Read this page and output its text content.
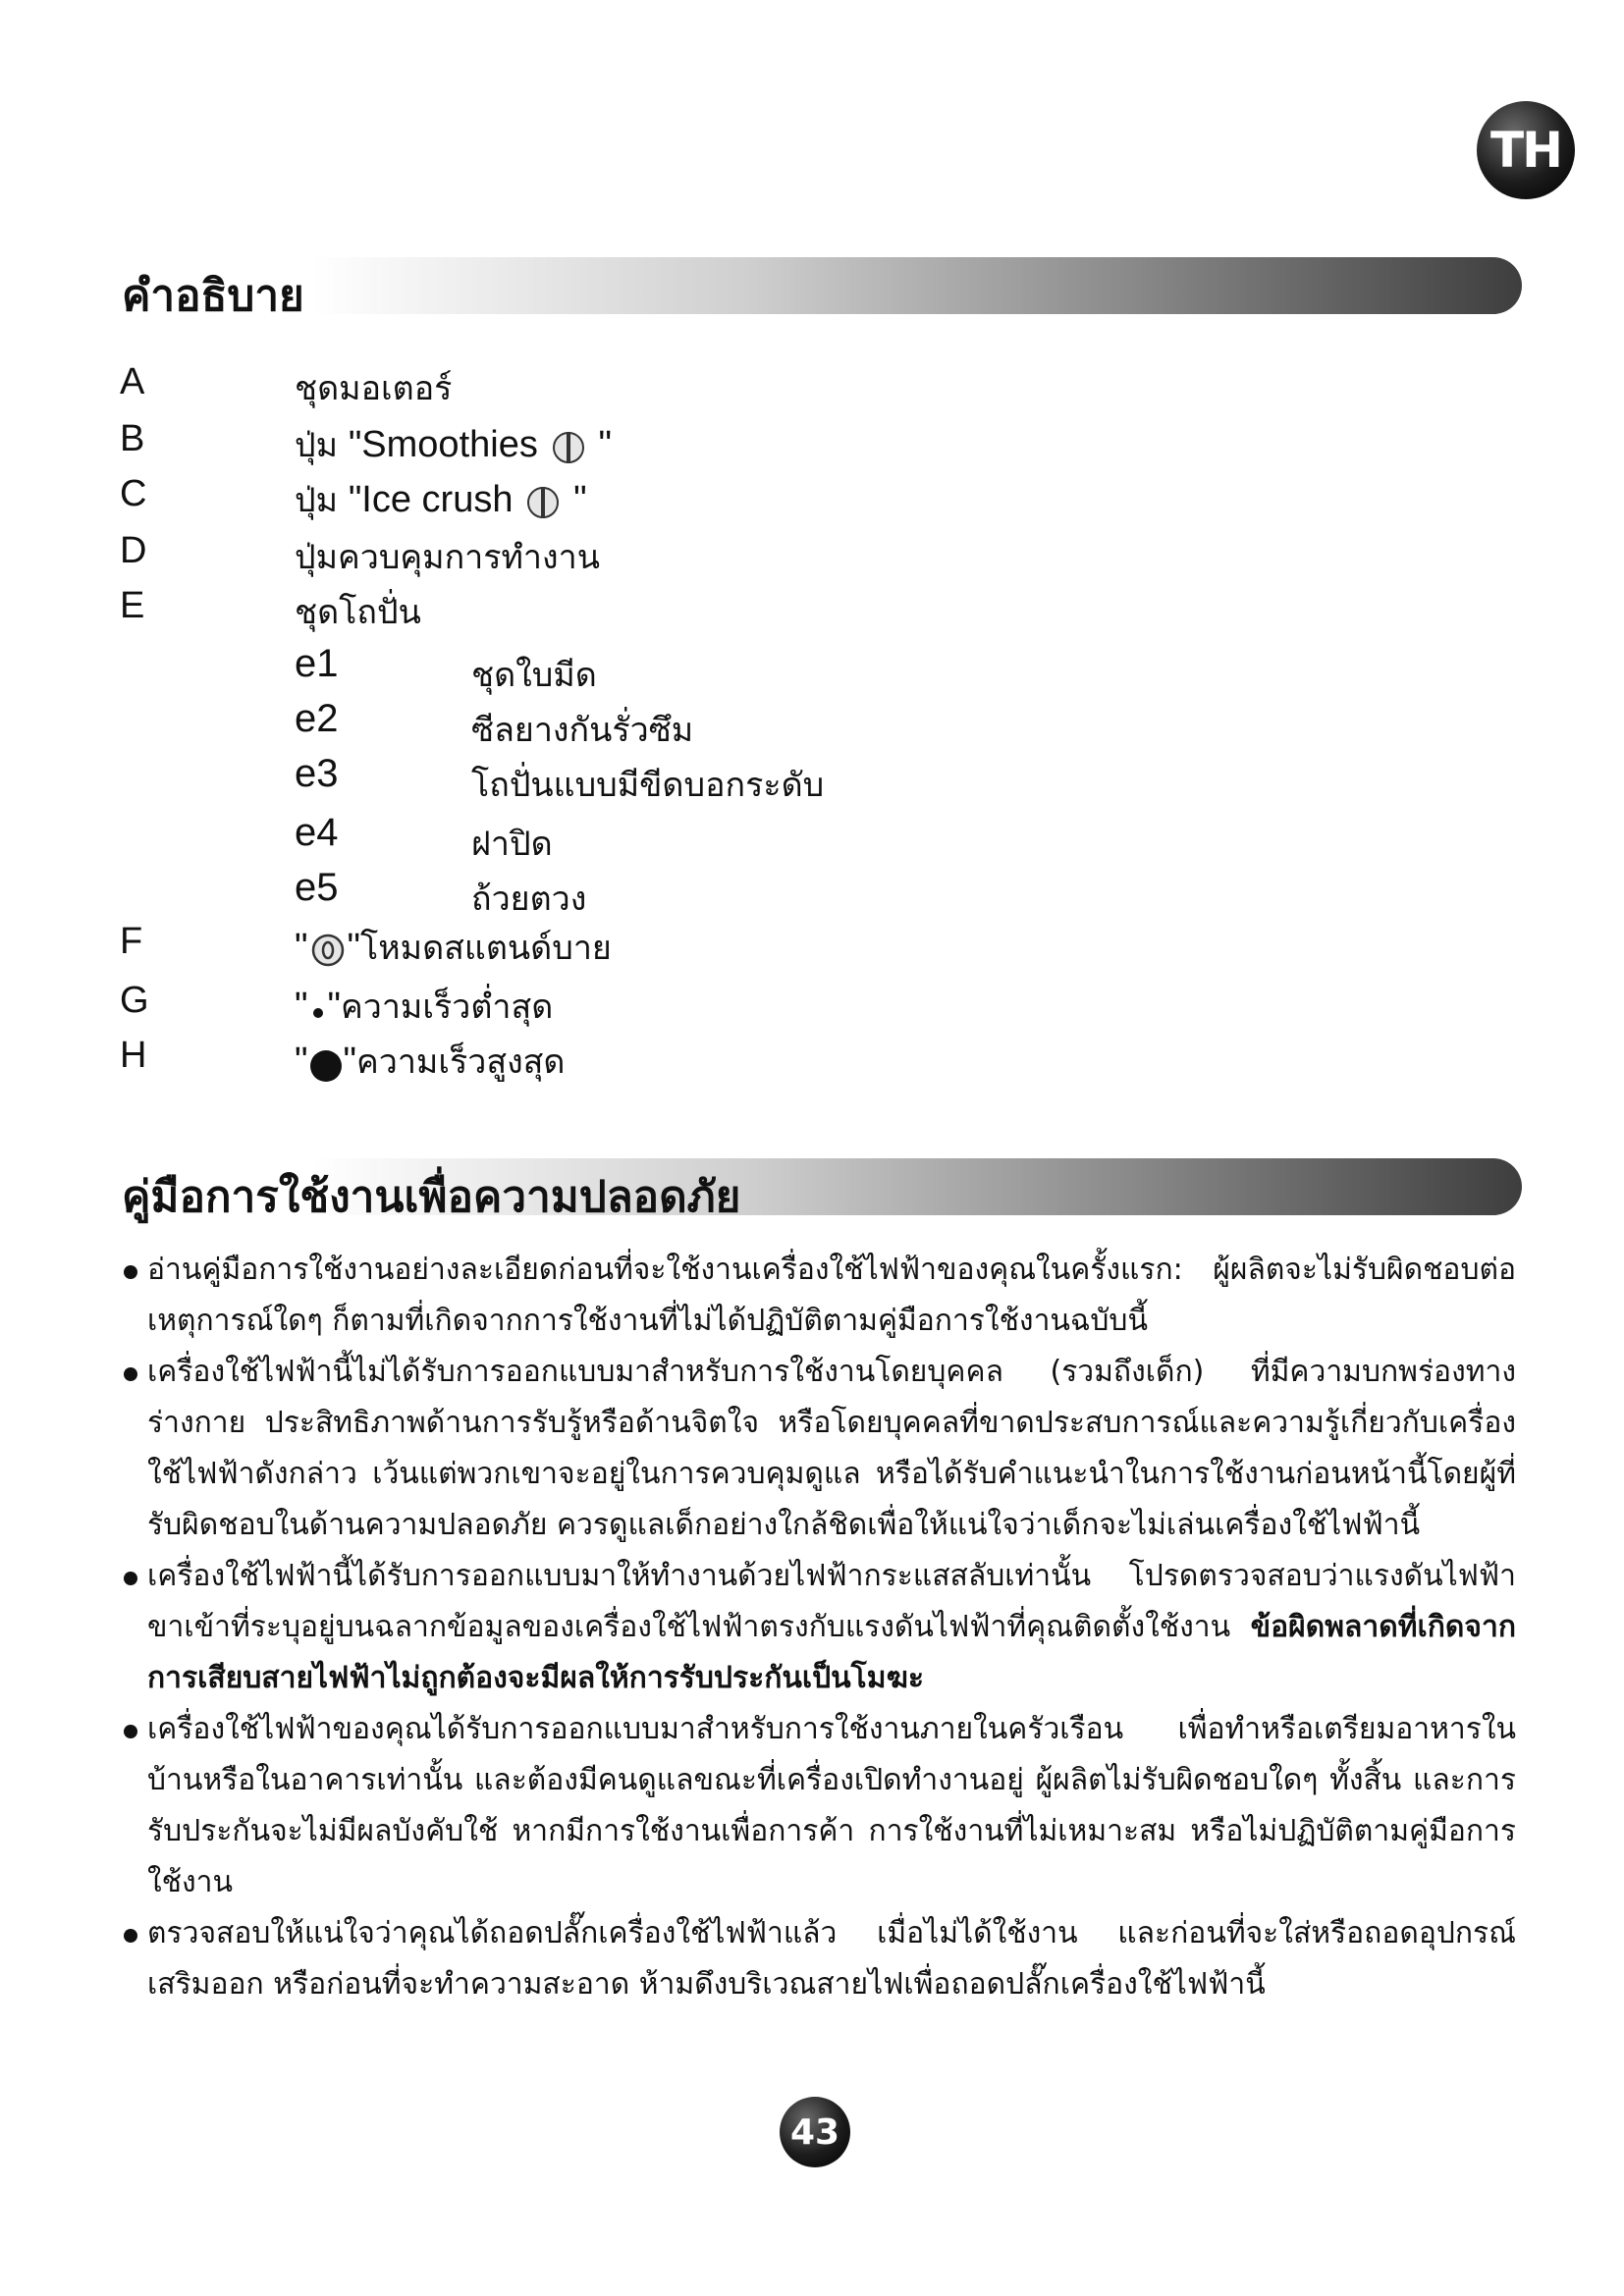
TH
คำอธิบาย
A	ชุดมอเตอร์
B	ปุ่ม "Smoothies "
C	ปุ่ม "Ice crush "
D	ปุ่มควบคุมการทำงาน
E	ชุดโถปั่น
e1	ชุดใบมีด
e2	ซีลยางกันรั่วซึม
e3	โถปั่นแบบมีขีดบอกระดับ
e4	ฝาปิด
e5	ถ้วยตวง
F	" "โหมดสแตนด์บาย
G	" "ความเร็วต่ำสุด
H	" "ความเร็วสูงสุด
คู่มือการใช้งานเพื่อความปลอดภัย

อ่านคู่มือการใช้งานอย่างละเอียดก่อนที่จะใช้งานเครื่องใช้ไฟฟ้าของคุณในครั้งแรก: ผู้ผลิตจะไม่รับผิดชอบต่อเหตุการณ์ใดๆ ก็ตามที่เกิดจากการใช้งานที่ไม่ได้ปฏิบัติตามคู่มือการใช้งานฉบับนี้

เครื่องใช้ไฟฟ้านี้ไม่ได้รับการออกแบบมาสำหรับการใช้งานโดยบุคคล (รวมถึงเด็ก) ที่มีความบกพร่องทางร่างกาย ประสิทธิภาพด้านการรับรู้หรือด้านจิตใจ หรือโดยบุคคลที่ขาดประสบการณ์และความรู้เกี่ยวกับเครื่องใช้ไฟฟ้าดังกล่าว เว้นแต่พวกเขาจะอยู่ในการควบคุมดูแล หรือได้รับคำแนะนำในการใช้งานก่อนหน้านี้โดยผู้ที่รับผิดชอบในด้านความปลอดภัย ควรดูแลเด็กอย่างใกล้ชิดเพื่อให้แน่ใจว่าเด็กจะไม่เล่นเครื่องใช้ไฟฟ้านี้

เครื่องใช้ไฟฟ้านี้ได้รับการออกแบบมาให้ทำงานด้วยไฟฟ้ากระแสสลับเท่านั้น โปรดตรวจสอบว่าแรงดันไฟฟ้าขาเข้าที่ระบุอยู่บนฉลากข้อมูลของเครื่องใช้ไฟฟ้าตรงกับแรงดันไฟฟ้าที่คุณติดตั้งใช้งาน ข้อผิดพลาดที่เกิดจากการเสียบสายไฟฟ้าไม่ถูกต้องจะมีผลให้การรับประกันเป็นโมฆะ

เครื่องใช้ไฟฟ้าของคุณได้รับการออกแบบมาสำหรับการใช้งานภายในครัวเรือน เพื่อทำหรือเตรียมอาหารในบ้านหรือในอาคารเท่านั้น และต้องมีคนดูแลขณะที่เครื่องเปิดทำงานอยู่ ผู้ผลิตไม่รับผิดชอบใดๆ ทั้งสิ้น และการรับประกันจะไม่มีผลบังคับใช้ หากมีการใช้งานเพื่อการค้า การใช้งานที่ไม่เหมาะสม หรือไม่ปฏิบัติตามคู่มือการใช้งาน

ตรวจสอบให้แน่ใจว่าคุณได้ถอดปลั๊กเครื่องใช้ไฟฟ้าแล้ว เมื่อไม่ได้ใช้งาน และก่อนที่จะใส่หรือถอดอุปกรณ์เสริมออก หรือก่อนที่จะทำความสะอาด ห้ามดึงบริเวณสายไฟเพื่อถอดปลั๊กเครื่องใช้ไฟฟ้านี้

43
